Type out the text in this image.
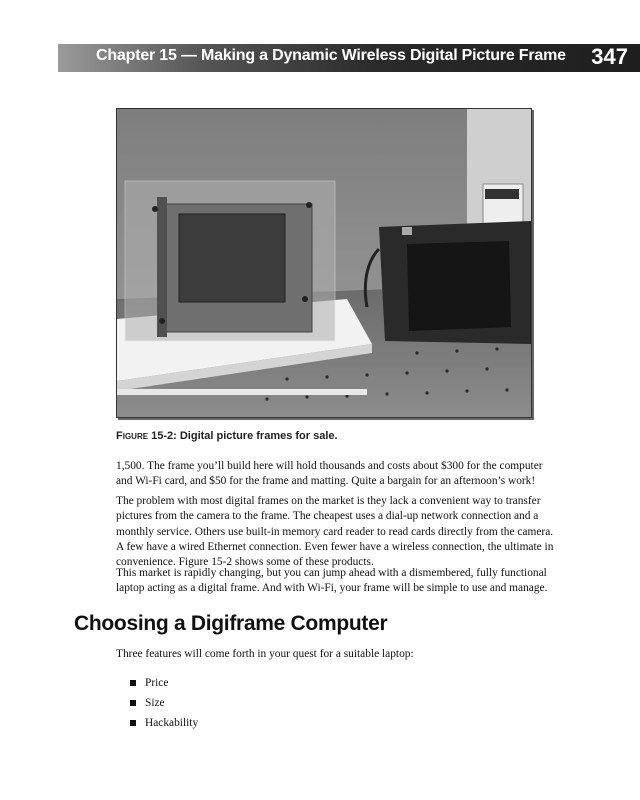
Chapter 15 — Making a Dynamic Wireless Digital Picture Frame 347
Figure 15-2: Digital picture frames for sale.

1,500. The frame you’ll build here will hold thousands and costs about $300 for the computer and Wi-Fi card, and $50 for the frame and matting. Quite a bargain for an afternoon’s work!

The problem with most digital frames on the market is they lack a convenient way to transfer pictures from the camera to the frame. The cheapest uses a dial-up network connection and a monthly service. Others use built-in memory card reader to read cards directly from the camera. A few have a wired Ethernet connection. Even fewer have a wireless connection, the ultimate in convenience. Figure 15-2 shows some of these products.

This market is rapidly changing, but you can jump ahead with a dismembered, fully functional laptop acting as a digital frame. And with Wi-Fi, your frame will be simple to use and manage.

Choosing a Digiframe Computer

Three features will come forth in your quest for a suitable laptop:

Price
Size
Hackability
